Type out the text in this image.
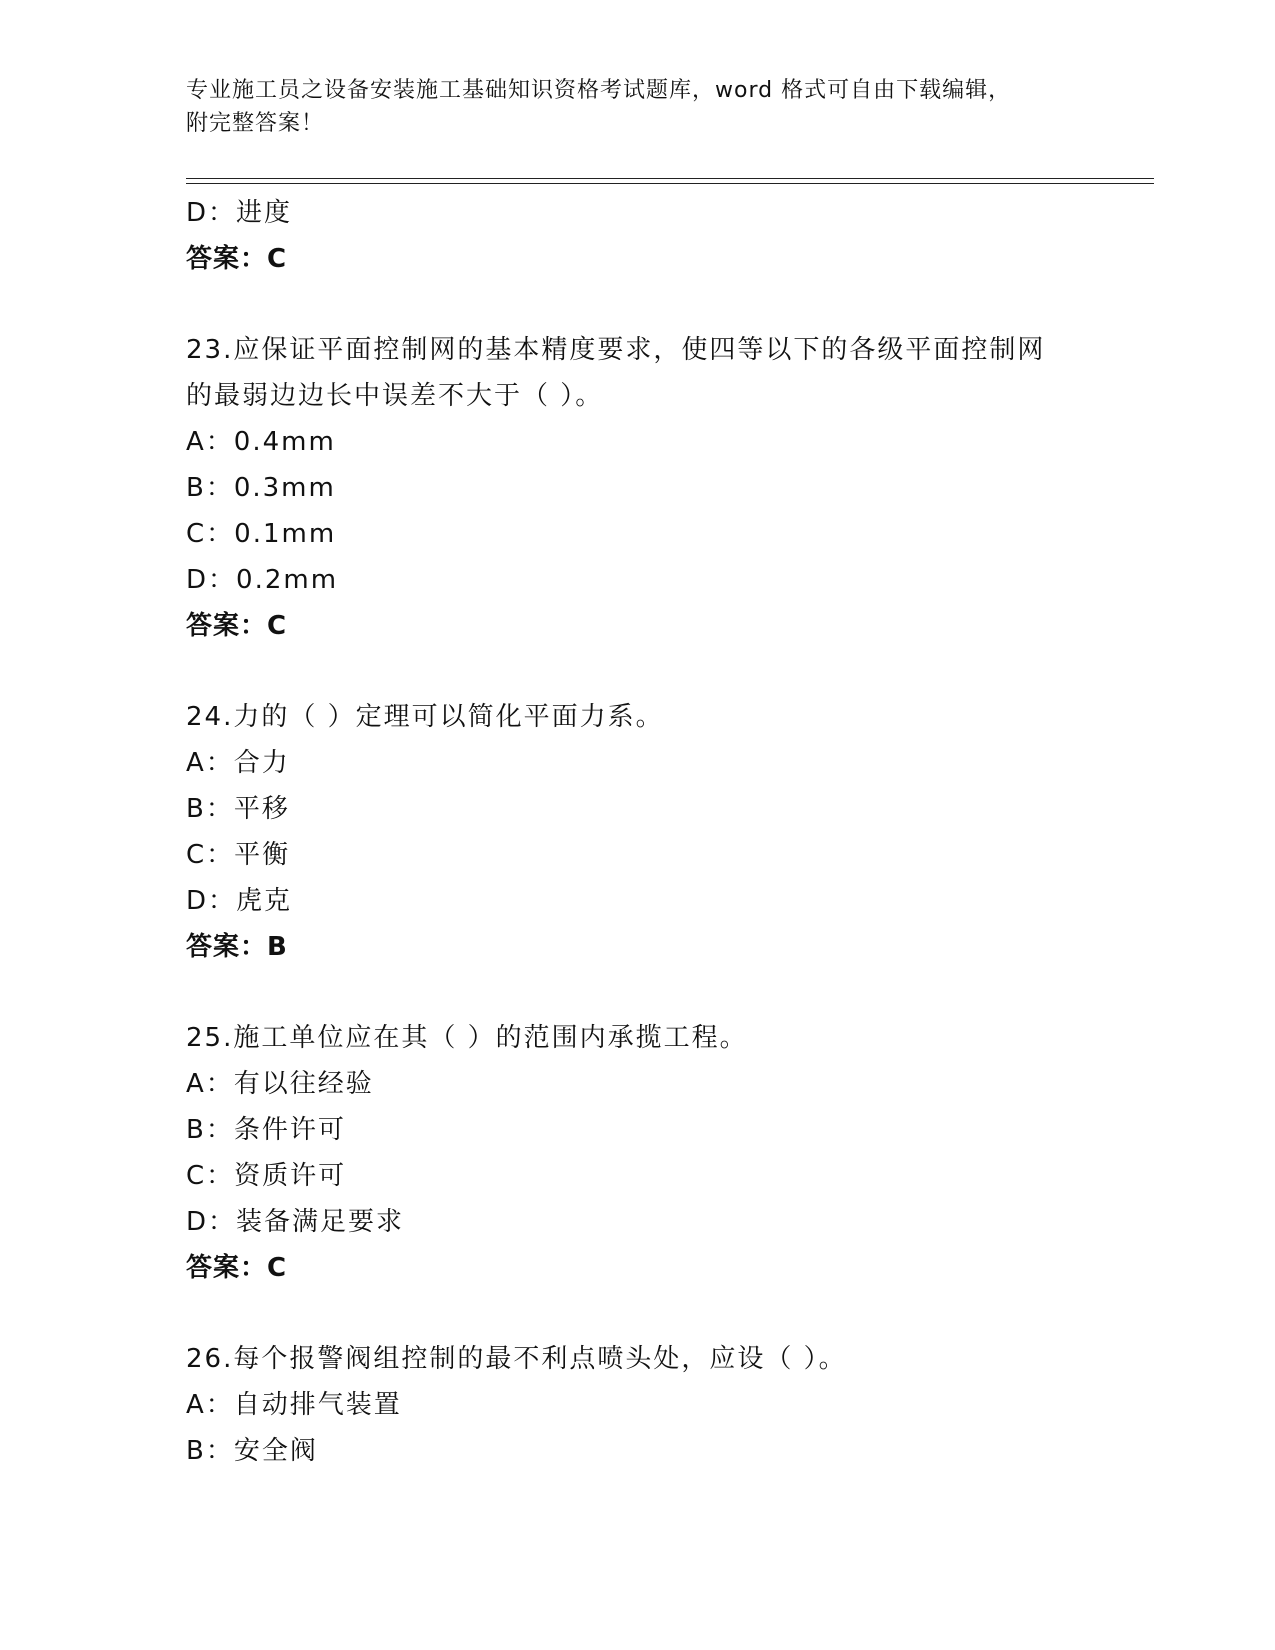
专业施工员之设备安装施工基础知识资格考试题库，word 格式可自由下载编辑，
附完整答案！
D：进度
答案：C
23.应保证平面控制网的基本精度要求，使四等以下的各级平面控制网
的最弱边边长中误差不大于（ ）。
A：0.4mm
B：0.3mm
C：0.1mm
D：0.2mm
答案：C
24.力的（ ）定理可以简化平面力系。
A：合力
B：平移
C：平衡
D：虎克
答案：B
25.施工单位应在其（ ）的范围内承揽工程。
A：有以往经验
B：条件许可
C：资质许可
D：装备满足要求
答案：C
26.每个报警阀组控制的最不利点喷头处，应设（ ）。
A：自动排气装置
B：安全阀
